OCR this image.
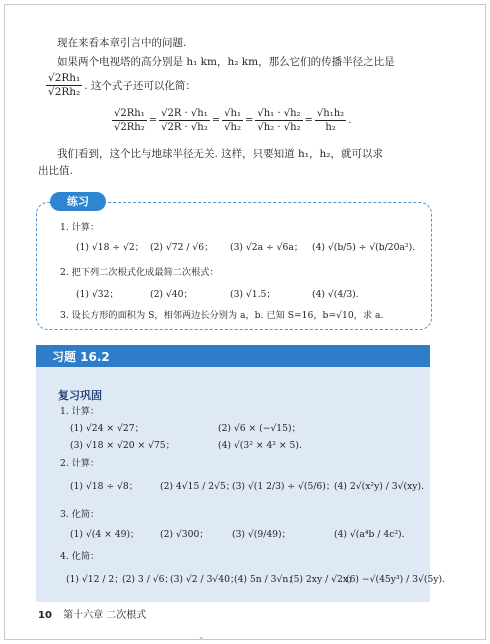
现在来看本章引言中的问题.
如果两个电视塔的高分别是 h₁ km，h₂ km，那么它们的传播半径之比是
$\frac{\text{√2Rh₁}}{\text{√2Rh₂}}$ . 这个式子还可以化简：
$\frac{\text{√2Rh₁}}{\text{√2Rh₂}} = \frac{\text{√2R · √h₁}}{\text{√2R · √h₂}} = \frac{\text{√h₁}}{\text{√h₂}} = \frac{\text{√h₁ · √h₂}}{\text{√h₂ · √h₂}} = \frac{\text{√h₁h₂}}{\text{h₂}}$ .
我们看到，这个比与地球半径无关. 这样，只要知道 h₁，h₂，就可以求
出比值.
练习
1. 计算：
(1) √18 ÷ √2； (2) √72 / √6； (3) √2a ÷ √6a； (4) √(b/5) ÷ √(b/20a²).
2. 把下列二次根式化成最简二次根式：
(1) √32；	(2) √40；	(3) √1.5；	(4) √(4/3).
3. 设长方形的面积为 S，相邻两边长分别为 a，b. 已知 S=16，b=√10，求 a.
习题 16.2
复习巩固
1. 计算：
(1) √24 × √27；	(2) √6 × (−√15)；
(3) √18 × √20 × √75；	(4) √(3² × 4² × 5).
2. 计算：
(1) √18 ÷ √8； (2) 4√15 / 2√5；
(3) √(1 2/3) ÷ √(5/6)；
(4) 2√(x²y) / 3√(xy).
3. 化简：
(1) √(4 × 49)； (2) √300；	(3) √(9/49)；	(4) √(a⁴b / 4c²).
4. 化简：
(1) √12 / 2；
(2) 3 / √6；
(3) √2 / 3√40；
(4) 5n / 3√n；
(5) 2xy / √2x；
(6) −√(45y³) / 3√(5y).
10 第十六章 二次根式
⌄
